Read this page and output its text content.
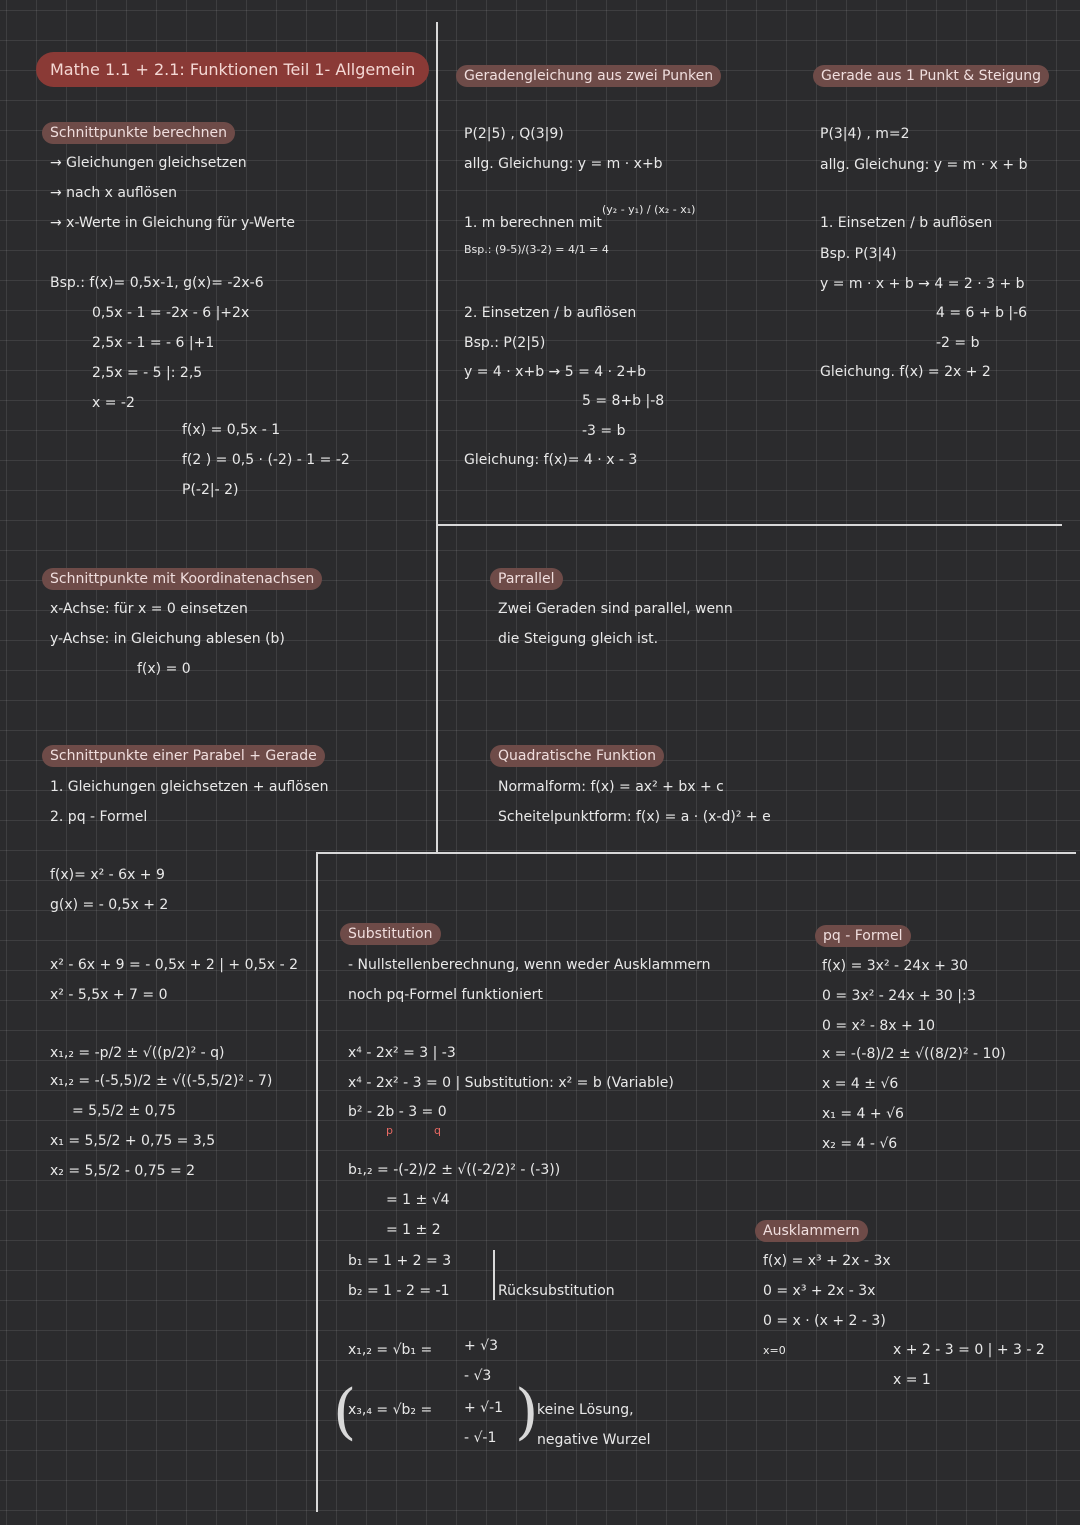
Mathe 1.1 + 2.1: Funktionen Teil 1- Allgemein
Schnittpunkte berechnen
→ Gleichungen gleichsetzen
→ nach x auflösen
→ x-Werte in Gleichung für y-Werte
Bsp.: f(x)= 0,5x-1, g(x)= -2x-6
0,5x - 1 = -2x - 6 |+2x
2,5x - 1 = - 6 |+1
2,5x = - 5 |: 2,5
x = -2
f(x) = 0,5x - 1
f(2 ) = 0,5 · (-2) - 1 = -2
P(-2|- 2)
Schnittpunkte mit Koordinatenachsen
x-Achse: für x = 0 einsetzen
y-Achse: in Gleichung ablesen (b)
f(x) = 0
Schnittpunkte einer Parabel + Gerade
1. Gleichungen gleichsetzen + auflösen
2. pq - Formel
f(x)= x² - 6x + 9
g(x) = - 0,5x + 2
x² - 6x + 9 = - 0,5x + 2 | + 0,5x - 2
x² - 5,5x + 7 = 0
x₁,₂ = -p/2 ± √((p/2)² - q)
x₁,₂ = -(-5,5)/2 ± √((-5,5/2)² - 7)
= 5,5/2 ± 0,75
x₁ = 5,5/2 + 0,75 = 3,5
x₂ = 5,5/2 - 0,75 = 2
Geradengleichung aus zwei Punken
P(2|5) , Q(3|9)
allg. Gleichung: y = m · x+b
1. m berechnen mit
(y₂ - y₁) / (x₂ - x₁)
Bsp.: (9-5)/(3-2) = 4/1 = 4
2. Einsetzen / b auflösen
Bsp.: P(2|5)
y = 4 · x+b → 5 = 4 · 2+b
5 = 8+b |-8
-3 = b
Gleichung: f(x)= 4 · x - 3
Gerade aus 1 Punkt & Steigung
P(3|4) , m=2
allg. Gleichung: y = m · x + b
1. Einsetzen / b auflösen
Bsp. P(3|4)
y = m · x + b → 4 = 2 · 3 + b
4 = 6 + b |-6
-2 = b
Gleichung. f(x) = 2x + 2
Parrallel
Zwei Geraden sind parallel, wenn
die Steigung gleich ist.
Quadratische Funktion
Normalform: f(x) = ax² + bx + c
Scheitelpunktform: f(x) = a · (x-d)² + e
Substitution
- Nullstellenberechnung, wenn weder Ausklammern
noch pq-Formel funktioniert
x⁴ - 2x² = 3 | -3
x⁴ - 2x² - 3 = 0 | Substitution: x² = b (Variable)
b² - 2b - 3 = 0
p	q
b₁,₂ = -(-2)/2 ± √((-2/2)² - (-3))
= 1 ± √4
= 1 ± 2
b₁ = 1 + 2 = 3
b₂ = 1 - 2 = -1	Rücksubstitution
x₁,₂ = √b₁ = + √3
- √3
(
x₃,₄ = √b₂ = + √-1
- √-1 )
keine Lösung,
negative Wurzel
pq - Formel
f(x) = 3x² - 24x + 30
0 = 3x² - 24x + 30 |:3
0 = x² - 8x + 10
x = -(-8)/2 ± √((8/2)² - 10)
x = 4 ± √6
x₁ = 4 + √6
x₂ = 4 - √6
Ausklammern
f(x) = x³ + 2x - 3x
0 = x³ + 2x - 3x
0 = x · (x + 2 - 3)
x=0	x + 2 - 3 = 0 | + 3 - 2
x = 1
